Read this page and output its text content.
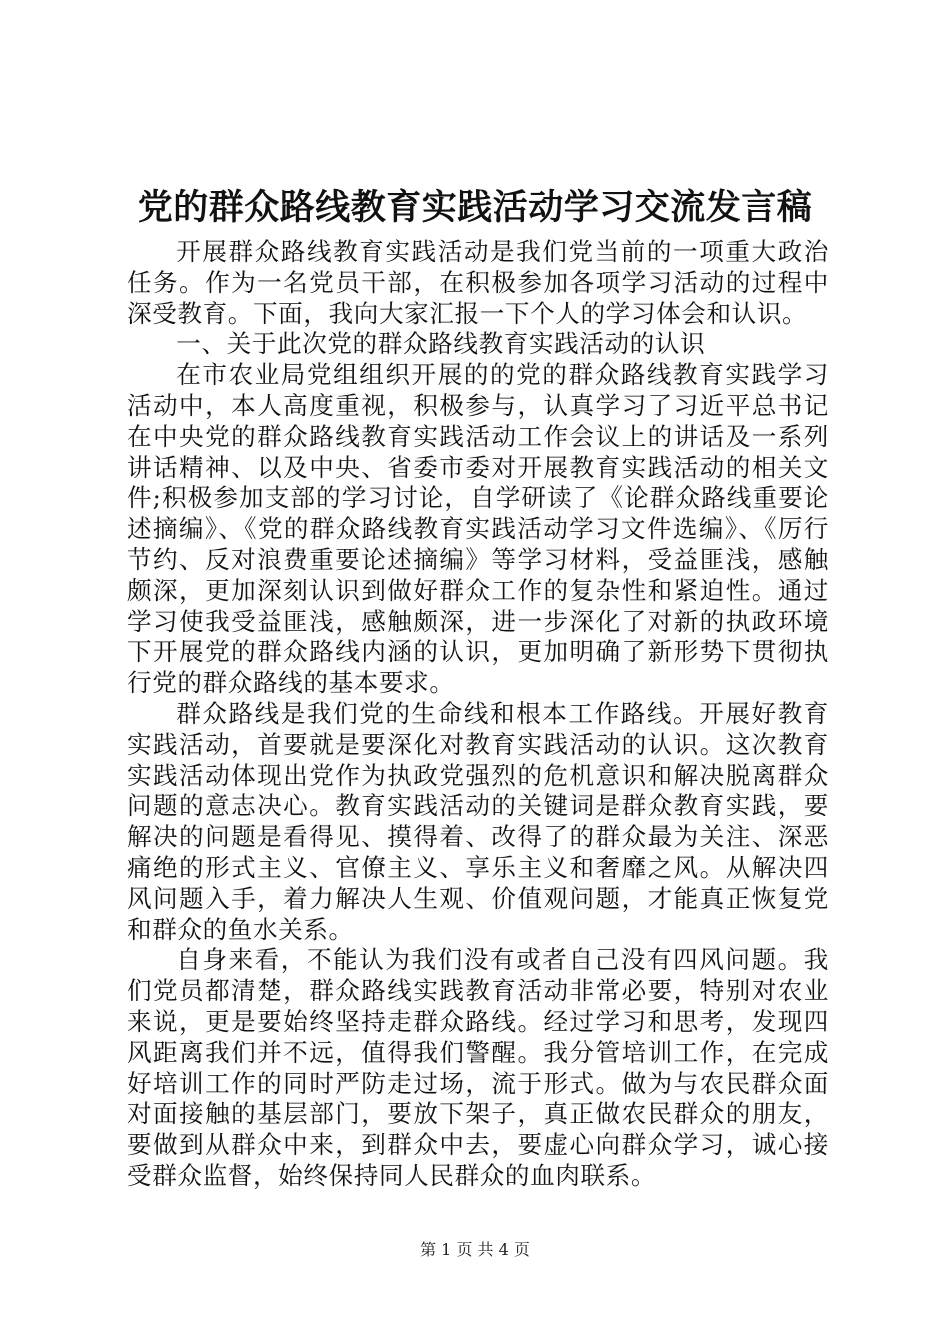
党的群众路线教育实践活动学习交流发言稿

开展群众路线教育实践活动是我们党当前的一项重大政治任务。作为一名党员干部，在积极参加各项学习活动的过程中深受教育。下面，我向大家汇报一下个人的学习体会和认识。

一、关于此次党的群众路线教育实践活动的认识

在市农业局党组组织开展的的党的群众路线教育实践学习活动中，本人高度重视，积极参与，认真学习了习近平总书记在中央党的群众路线教育实践活动工作会议上的讲话及一系列讲话精神、以及中央、省委市委对开展教育实践活动的相关文件;积极参加支部的学习讨论，自学研读了《论群众路线重要论述摘编》、《党的群众路线教育实践活动学习文件选编》、《厉行节约、反对浪费重要论述摘编》等学习材料，受益匪浅，感触颇深，更加深刻认识到做好群众工作的复杂性和紧迫性。通过学习使我受益匪浅，感触颇深，进一步深化了对新的执政环境下开展党的群众路线内涵的认识，更加明确了新形势下贯彻执行党的群众路线的基本要求。

群众路线是我们党的生命线和根本工作路线。开展好教育实践活动，首要就是要深化对教育实践活动的认识。这次教育实践活动体现出党作为执政党强烈的危机意识和解决脱离群众问题的意志决心。教育实践活动的关键词是群众教育实践，要解决的问题是看得见、摸得着、改得了的群众最为关注、深恶痛绝的形式主义、官僚主义、享乐主义和奢靡之风。从解决四风问题入手，着力解决人生观、价值观问题，才能真正恢复党和群众的鱼水关系。

自身来看，不能认为我们没有或者自己没有四风问题。我们党员都清楚，群众路线实践教育活动非常必要，特别对农业来说，更是要始终坚持走群众路线。经过学习和思考，发现四风距离我们并不远，值得我们警醒。我分管培训工作，在完成好培训工作的同时严防走过场，流于形式。做为与农民群众面对面接触的基层部门，要放下架子，真正做农民群众的朋友，要做到从群众中来，到群众中去，要虚心向群众学习，诚心接受群众监督，始终保持同人民群众的血肉联系。

第 1 页 共 4 页
